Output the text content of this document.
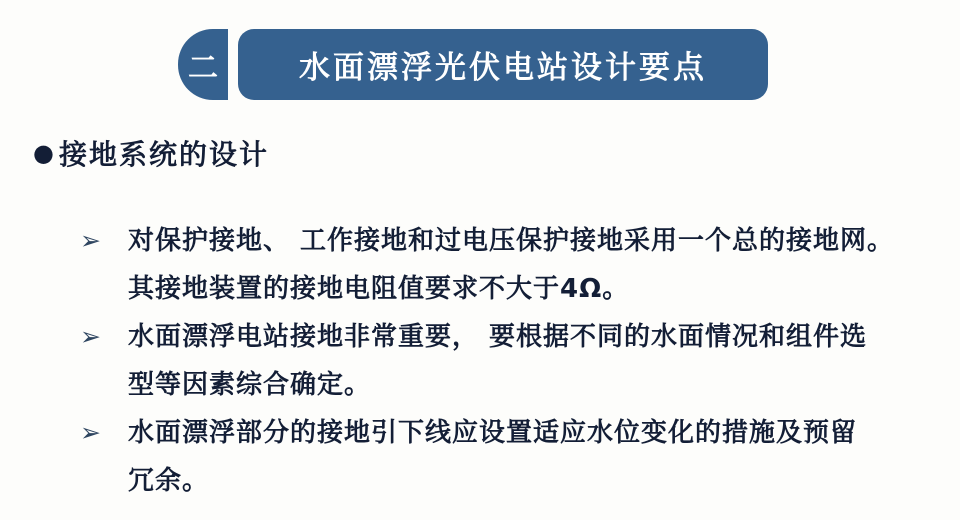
二	水面漂浮光伏电站设计要点
● 接地系统的设计
➢	对保护接地、 工作接地和过电压保护接地采用一个总的接地网。
其接地装置的接地电阻值要求不大于4Ω。
➢	水面漂浮电站接地非常重要， 要根据不同的水面情况和组件选
型等因素综合确定。
➢	水面漂浮部分的接地引下线应设置适应水位变化的措施及预留
冗余。
